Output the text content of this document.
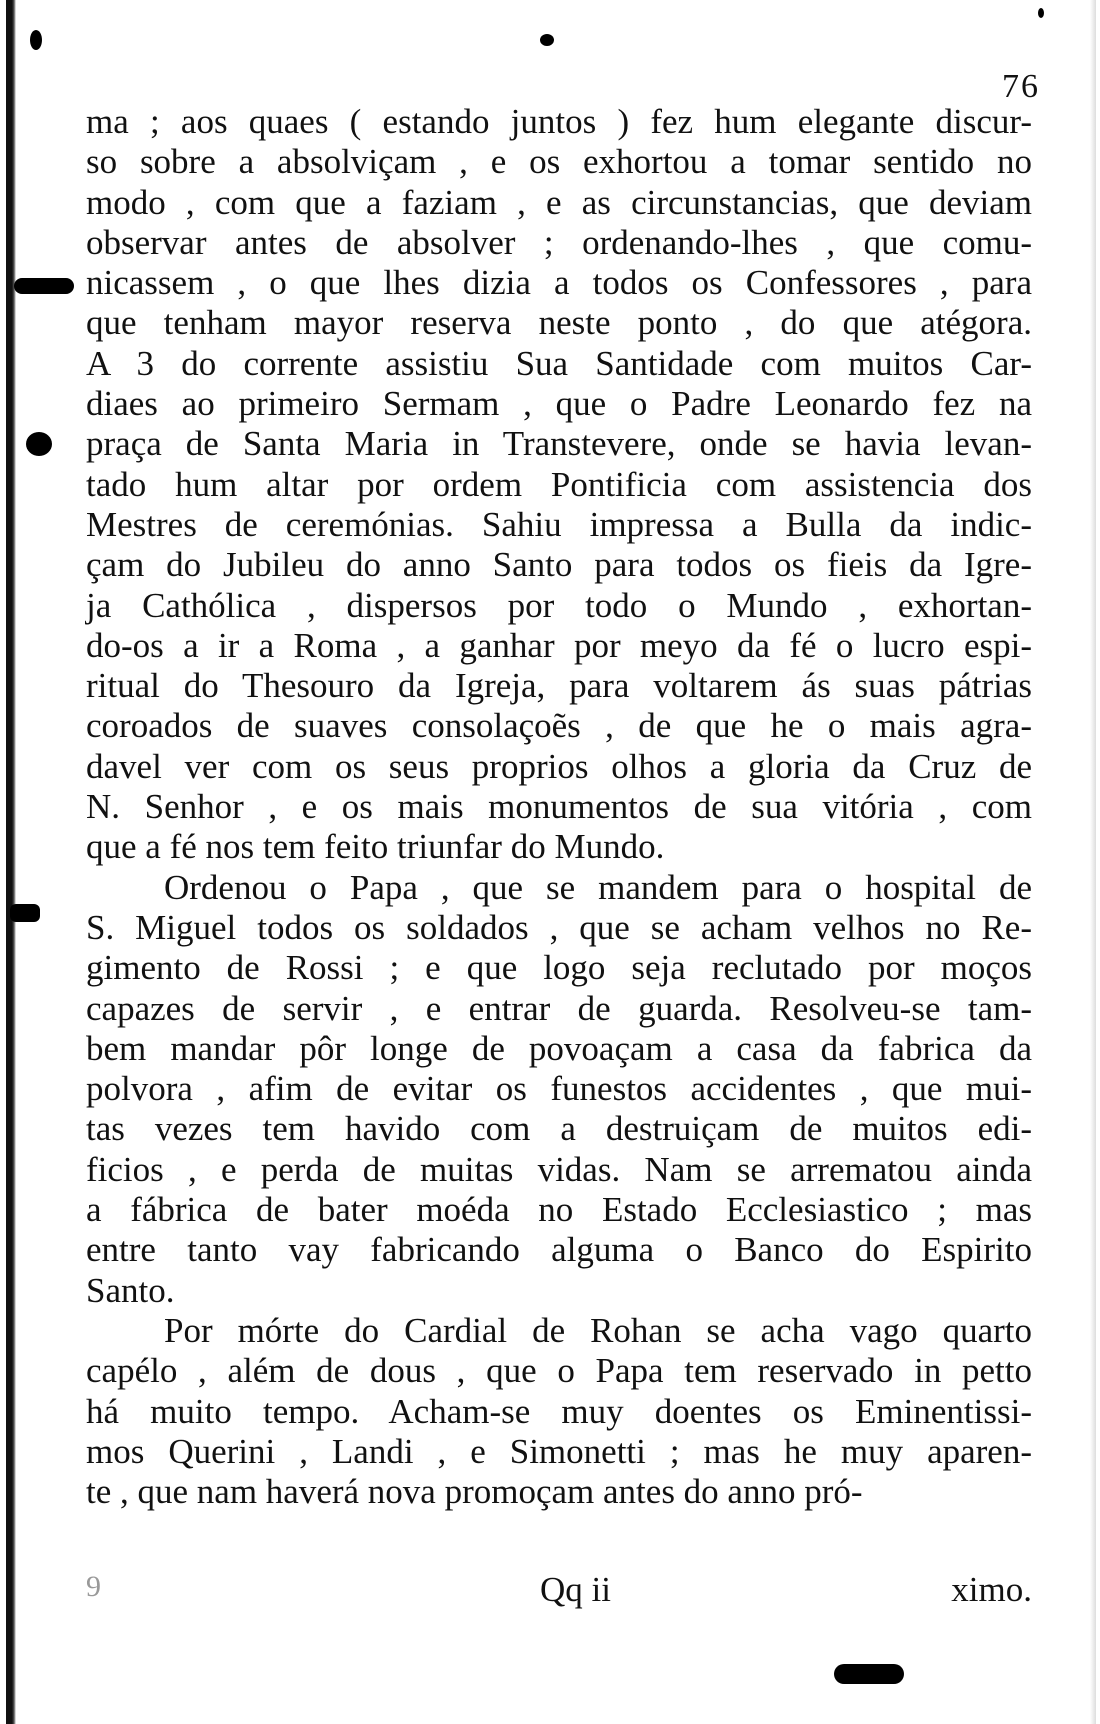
76
ma ; aos quaes ( estando juntos ) fez hum elegante discur-
so sobre a absolviçam , e os exhortou a tomar sentido no
modo , com que a faziam , e as circunstancias, que deviam
observar antes de absolver ; ordenando-lhes , que comu-
nicassem , o que lhes dizia a todos os Confessores , para
que tenham mayor reserva neste ponto , do que atégora.
A 3 do corrente assistiu Sua Santidade com muitos Car-
diaes ao primeiro Sermam , que o Padre Leonardo fez na
praça de Santa Maria in Transtevere, onde se havia levan-
tado hum altar por ordem Pontificia com assistencia dos
Mestres de ceremónias. Sahiu impressa a Bulla da indic-
çam do Jubileu do anno Santo para todos os fieis da Igre-
ja Cathólica , dispersos por todo o Mundo , exhortan-
do-os a ir a Roma , a ganhar por meyo da fé o lucro espi-
ritual do Thesouro da Igreja, para voltarem ás suas pátrias
coroados de suaves consolaçoẽs , de que he o mais agra-
davel ver com os seus proprios olhos a gloria da Cruz de
N. Senhor , e os mais monumentos de sua vitória , com
que a fé nos tem feito triunfar do Mundo.
Ordenou o Papa , que se mandem para o hospital de
S. Miguel todos os soldados , que se acham velhos no Re-
gimento de Rossi ; e que logo seja reclutado por moços
capazes de servir , e entrar de guarda. Resolveu-se tam-
bem mandar pôr longe de povoaçam a casa da fabrica da
polvora , afim de evitar os funestos accidentes , que mui-
tas vezes tem havido com a destruiçam de muitos edi-
ficios , e perda de muitas vidas. Nam se arrematou ainda
a fábrica de bater moéda no Estado Ecclesiastico ; mas
entre tanto vay fabricando alguma o Banco do Espirito
Santo.
Por mórte do Cardial de Rohan se acha vago quarto
capélo , além de dous , que o Papa tem reservado in petto
há muito tempo. Acham-se muy doentes os Eminentissi-
mos Querini , Landi , e Simonetti ; mas he muy aparen-
te , que nam haverá nova promoçam antes do anno pró-
9	Qq ii	ximo.
